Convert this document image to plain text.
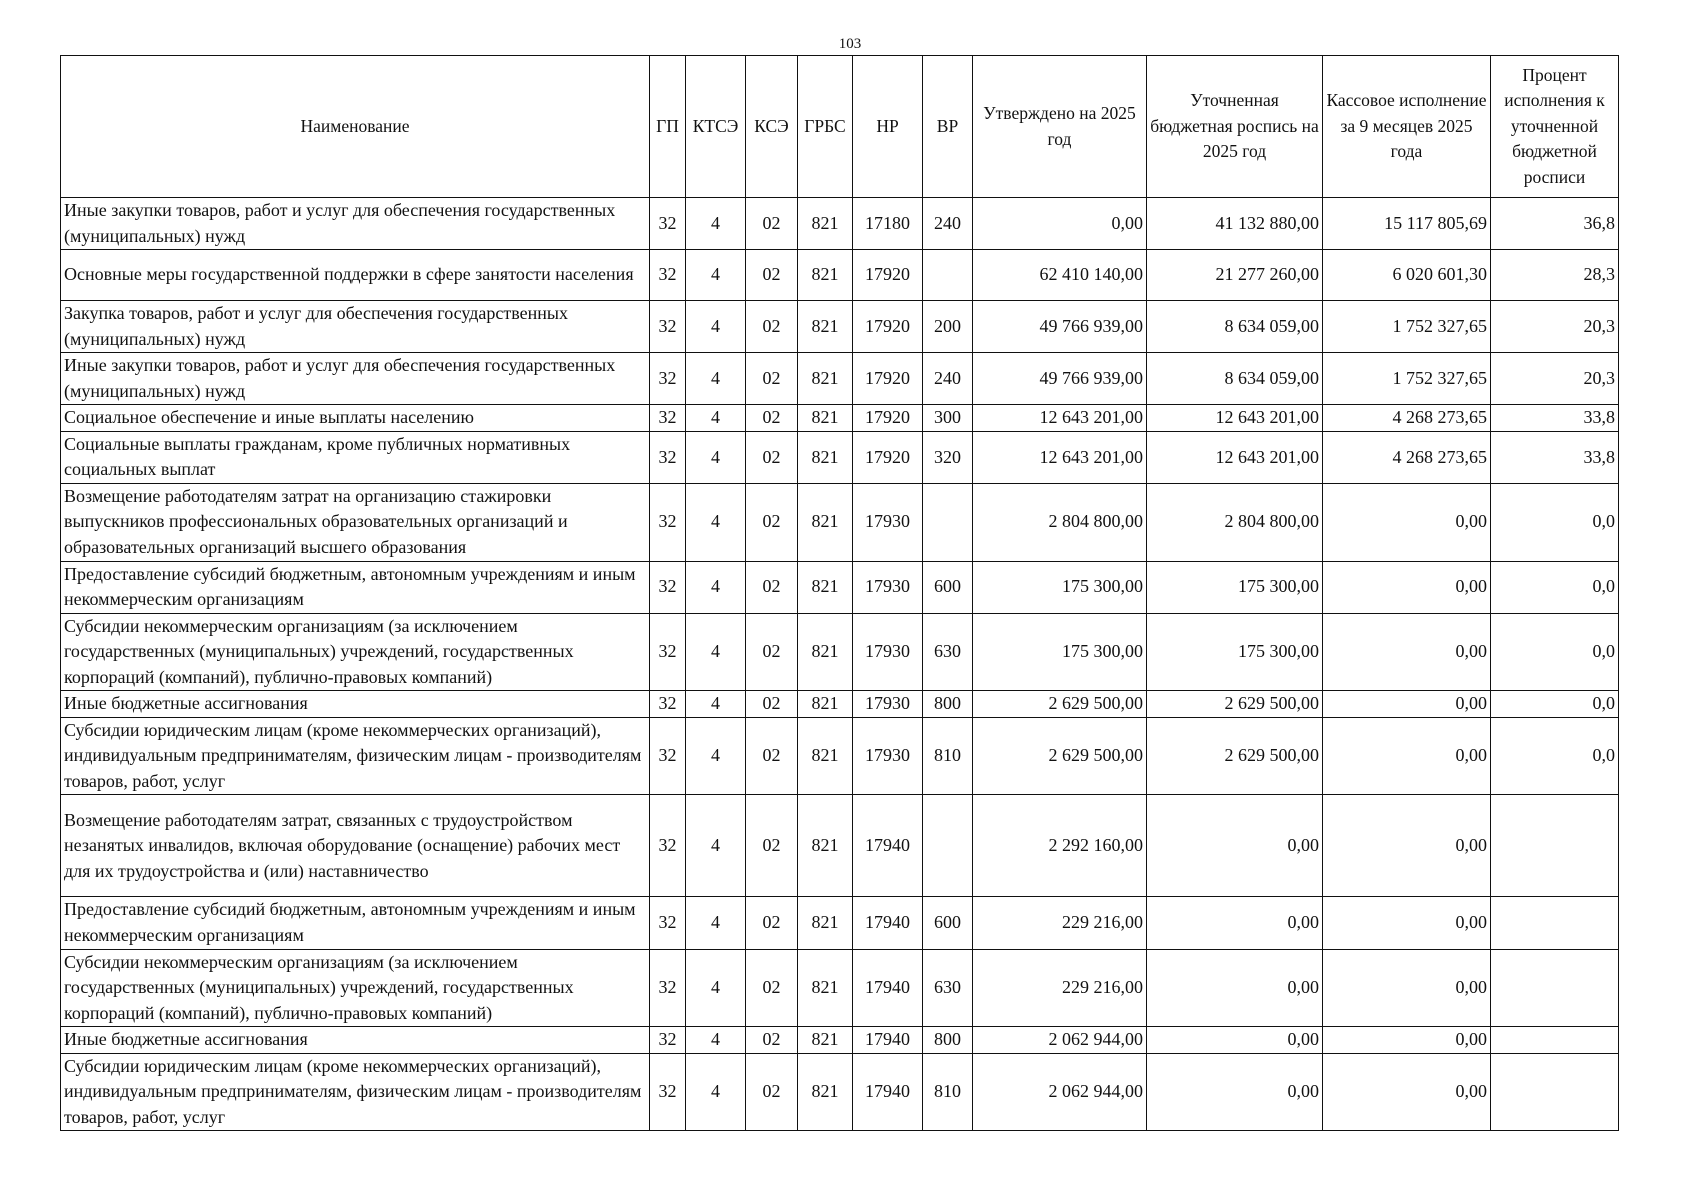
103
Наименование	ГП	КТСЭ	КСЭ	ГРБС	НР	ВР	Утверждено на 2025 год	Уточненная бюджетная роспись на 2025 год	Кассовое исполнение за 9 месяцев 2025 года	Процент исполнения к уточненной бюджетной росписи
Иные закупки товаров, работ и услуг для обеспечения государственных (муниципальных) нужд	32	4	02	821	17180	240	0,00	41 132 880,00	15 117 805,69	36,8
Основные меры государственной поддержки в сфере занятости населения	32	4	02	821	17920		62 410 140,00	21 277 260,00	6 020 601,30	28,3
Закупка товаров, работ и услуг для обеспечения государственных (муниципальных) нужд	32	4	02	821	17920	200	49 766 939,00	8 634 059,00	1 752 327,65	20,3
Иные закупки товаров, работ и услуг для обеспечения государственных (муниципальных) нужд	32	4	02	821	17920	240	49 766 939,00	8 634 059,00	1 752 327,65	20,3
Социальное обеспечение и иные выплаты населению	32	4	02	821	17920	300	12 643 201,00	12 643 201,00	4 268 273,65	33,8
Социальные выплаты гражданам, кроме публичных нормативных социальных выплат	32	4	02	821	17920	320	12 643 201,00	12 643 201,00	4 268 273,65	33,8
Возмещение работодателям затрат на организацию стажировки выпускников профессиональных образовательных организаций и образовательных организаций высшего образования	32	4	02	821	17930		2 804 800,00	2 804 800,00	0,00	0,0
Предоставление субсидий бюджетным, автономным учреждениям и иным некоммерческим организациям	32	4	02	821	17930	600	175 300,00	175 300,00	0,00	0,0
Субсидии некоммерческим организациям (за исключением государственных (муниципальных) учреждений, государственных корпораций (компаний), публично-правовых компаний)	32	4	02	821	17930	630	175 300,00	175 300,00	0,00	0,0
Иные бюджетные ассигнования	32	4	02	821	17930	800	2 629 500,00	2 629 500,00	0,00	0,0
Субсидии юридическим лицам (кроме некоммерческих организаций), индивидуальным предпринимателям, физическим лицам - производителям товаров, работ, услуг	32	4	02	821	17930	810	2 629 500,00	2 629 500,00	0,00	0,0
Возмещение работодателям затрат, связанных с трудоустройством незанятых инвалидов, включая оборудование (оснащение) рабочих мест для их трудоустройства и (или) наставничество	32	4	02	821	17940		2 292 160,00	0,00	0,00	
Предоставление субсидий бюджетным, автономным учреждениям и иным некоммерческим организациям	32	4	02	821	17940	600	229 216,00	0,00	0,00	
Субсидии некоммерческим организациям (за исключением государственных (муниципальных) учреждений, государственных корпораций (компаний), публично-правовых компаний)	32	4	02	821	17940	630	229 216,00	0,00	0,00	
Иные бюджетные ассигнования	32	4	02	821	17940	800	2 062 944,00	0,00	0,00	
Субсидии юридическим лицам (кроме некоммерческих организаций), индивидуальным предпринимателям, физическим лицам - производителям товаров, работ, услуг	32	4	02	821	17940	810	2 062 944,00	0,00	0,00	
